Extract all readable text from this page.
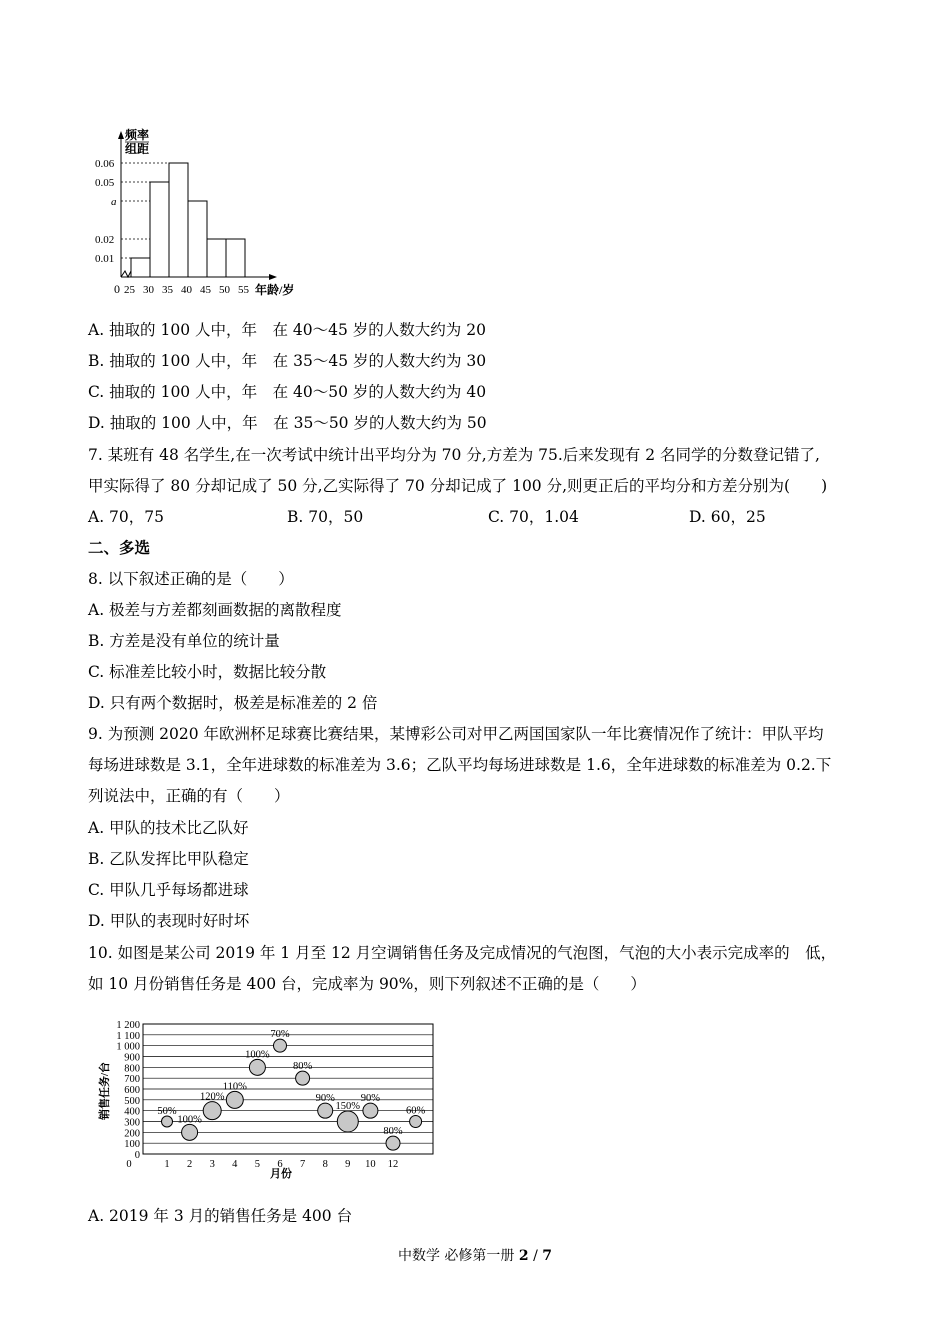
频率
组距
0	年龄/岁
0.06
0.05
a
0.02
0.01
25 30 35 40 45 50 55
A. 抽取的 100 人中，年　在 40～45 岁的人数大约为 20
B. 抽取的 100 人中，年　在 35～45 岁的人数大约为 30
C. 抽取的 100 人中，年　在 40～50 岁的人数大约为 40
D. 抽取的 100 人中，年　在 35～50 岁的人数大约为 50
7. 某班有 48 名学生,在一次考试中统计出平均分为 70 分,方差为 75.后来发现有 2 名同学的分数登记错了,
甲实际得了 80 分却记成了 50 分,乙实际得了 70 分却记成了 100 分,则更正后的平均分和方差分别为(　　)
A. 70，75	B. 70，50	C. 70，1.04	D. 60，25
二、多选
8. 以下叙述正确的是（　　）
A. 极差与方差都刻画数据的离散程度
B. 方差是没有单位的统计量
C. 标准差比较小时，数据比较分散
D. 只有两个数据时，极差是标准差的 2 倍
9. 为预测 2020 年欧洲杯足球赛比赛结果，某博彩公司对甲乙两国国家队一年比赛情况作了统计：甲队平均
每场进球数是 3.1，全年进球数的标准差为 3.6；乙队平均每场进球数是 1.6，全年进球数的标准差为 0.2.下
列说法中，正确的有（　　）
A. 甲队的技术比乙队好
B. 乙队发挥比甲队稳定
C. 甲队几乎每场都进球
D. 甲队的表现时好时坏
10. 如图是某公司 2019 年 1 月至 12 月空调销售任务及完成情况的气泡图，气泡的大小表示完成率的　低，
如 10 月份销售任务是 400 台，完成率为 90%，则下列叙述不正确的是（　　）
0
100
200
300
400
500
600
700
800
900
1 000
1 100
1 200
0	1 2 3 4 5 6 7 8 9 10 12
50%
100%
120%
110%
100%
70%
80%
90%
150%
90%
80%
60%
销售任务/台
月份
A. 2019 年 3 月的销售任务是 400 台
中数学 必修第一册 2 / 7
